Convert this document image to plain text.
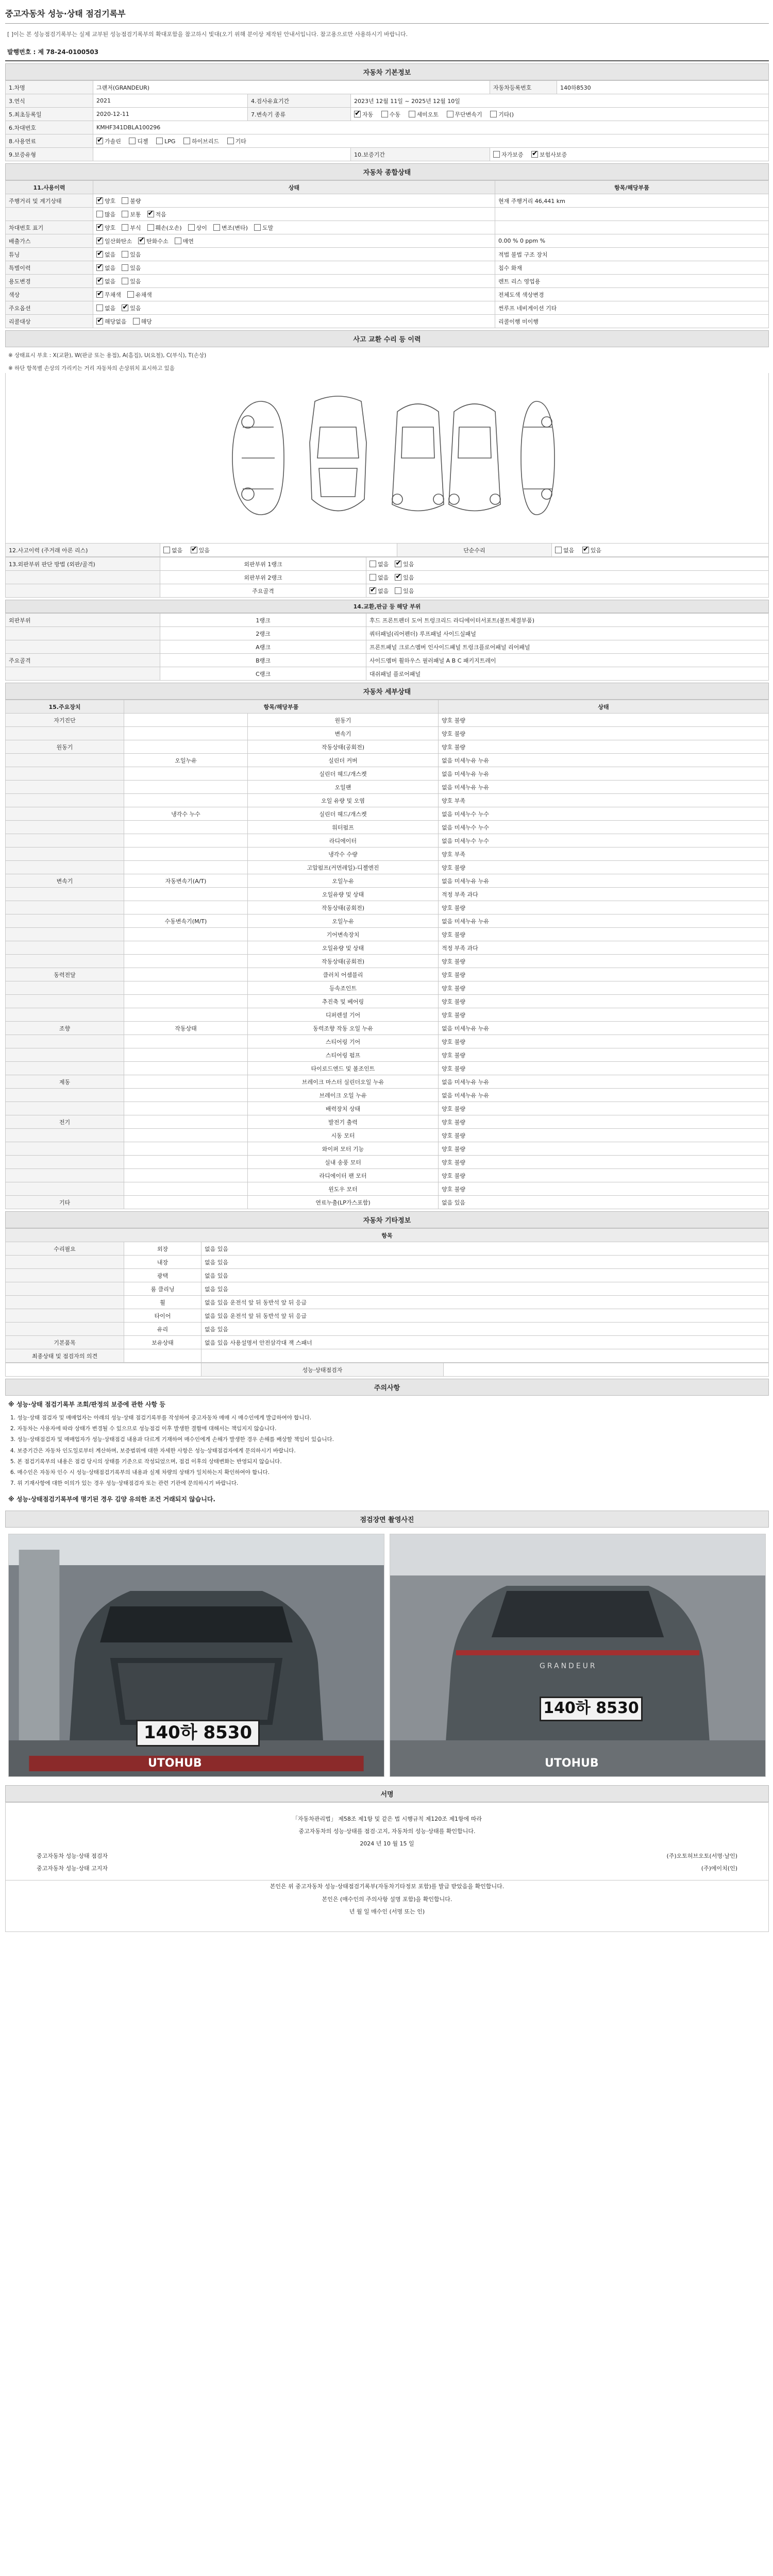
중고자동차 성능·상태 점검기록부
[ ]이는 본 성능점검기록부는 실제 교부된 성능점검기록부의 확대포함을 참고하시 빛대(오기 위해 분이상 제작된 안내서입니다. 참고용으로만 사용하시기 바랍니다.
발행번호 : 제 78-24-0100503
자동차 기본정보
1.차명	그랜저(GRANDEUR)			자동차등록번호	140하8530
3.연식	2021	4.검사유효기간	2023년 12월 11일 ~ 2025년 12월 10일		
5.최초등록일	2020-12-11	7.변속기 종류	✔자동 수동 세미오토 무단변속기 기타()
6.차대번호	KMHF341DBLA100296				
8.사용연료	✔가솔린 디젤 LPG 하이브리드 기타
9.보증유형			10.보증기간	자가보증 ✔ 보험사보증
자동차 종합상태
11.사용이력	상태	항목/해당부품
주행거리 및 계기상태	✔양호 불량	현재 주행거리 46,441 km
	많음 보통 ✔ 적음	
차대번호 표기	✔양호 부식 훼손(오손) 상이 변조(변타) 도말	
배출가스	✔일산화탄소 ✔ 탄화수소 매연	0.00 % 0 ppm %
튜닝	✔없음 있음	적법 불법 구조 장치
특별이력	✔없음 있음	침수 화재
용도변경	✔없음 있음	렌트 리스 영업용
색상	✔무채색 유채색	전체도색 색상변경
주요옵션	없음 ✔ 있음	썬루프 네비게이션 기타
리콜대상	✔해당없음 해당	리콜이행 미이행
사고 교환 수리 등 이력
※ 상태표시 부호 : X(교환), W(판금 또는 용접), A(흠집), U(요철), C(부식), T(손상)
※ 하단 항목별 손상의 가리키는 거리 자동차의 손상위치 표시하고 있음
12.사고이력 (주거래 아론 리스)	없음 ✔	있음	단순수리	없음 ✔	있음
13.외판부위 판단 방법 (외판/골격)	외판부위 1랭크	없음 ✔ 있음
	외판부위 2랭크	없음 ✔ 있음
	주요골격	✔없음 있음
14.교환,판금 등 해당 부위
외판부위	1랭크	후드 프론트펜더 도어 트렁크리드 라디에이터서포트(볼트체결부품)
	2랭크	쿼터패널(리어펜더) 루프패널 사이드실패널
	A랭크	프론트패널 크로스멤버 인사이드패널 트렁크플로어패널 리어패널
주요골격	B랭크	사이드멤버 휠하우스 필러패널 A B C 패키지트레이
	C랭크	대쉬패널 플로어패널
자동차 세부상태
15.주요장치	항목/해당부품		상태
자기진단		원동기	양호 불량
		변속기	양호 불량
원동기		작동상태(공회전)	양호 불량
	오일누유	실린더 커버	없음 미세누유 누유
		실린더 헤드/개스켓	없음 미세누유 누유
		오일팬	없음 미세누유 누유
		오일 유량 및 오염	양호 부족
	냉각수 누수	실린더 헤드/개스켓	없음 미세누수 누수
		워터펌프	없음 미세누수 누수
		라디에이터	없음 미세누수 누수
		냉각수 수량	양호 부족
		고압펌프(커먼레일)-디젤엔진	양호 불량
변속기	자동변속기(A/T)	오일누유	없음 미세누유 누유
		오일유량 및 상태	적정 부족 과다
		작동상태(공회전)	양호 불량
	수동변속기(M/T)	오일누유	없음 미세누유 누유
		기어변속장치	양호 불량
		오일유량 및 상태	적정 부족 과다
		작동상태(공회전)	양호 불량
동력전달		클러치 어셈블리	양호 불량
		등속조인트	양호 불량
		추진축 및 베어링	양호 불량
		디퍼렌셜 기어	양호 불량
조향	작동상태	동력조향 작동 오일 누유	없음 미세누유 누유
		스티어링 기어	양호 불량
		스티어링 펌프	양호 불량
		타이로드엔드 및 볼조인트	양호 불량
제동		브레이크 마스터 실린더오일 누유	없음 미세누유 누유
		브레이크 오일 누유	없음 미세누유 누유
		배력장치 상태	양호 불량
전기		발전기 출력	양호 불량
		시동 모터	양호 불량
		와이퍼 모터 기능	양호 불량
		실내 송풍 모터	양호 불량
		라디에이터 팬 모터	양호 불량
		윈도우 모터	양호 불량
기타		연료누출(LP가스포함)	없음 있음
자동차 기타정보
항목		
수리필요	외장	없음 있음
	내장	없음 있음
	광택	없음 있음
	룸 클리닝	없음 있음
	휠	없음 있음 운전석 앞 뒤 동반석 앞 뒤 응급
	타이어	없음 있음 운전석 앞 뒤 동반석 앞 뒤 응급
	유리	없음 있음
기본품목	보유상태	없음 있음 사용설명서 안전삼각대 잭 스패너
최종상태 및 점검자의 의견		
	성능·상태점검자	
주의사항
※ 성능·상태 점검기록부 조회/판정의 보증에 관한 사항 등

1. 성능·상태 점검자 및 매매업자는 아래의 성능·상태 점검기록부를 작성하여 중고자동차 매매 시 매수인에게 발급하여야 합니다.

2. 자동차는 사용자에 따라 상태가 변경될 수 있으므로 성능점검 이후 발생한 결함에 대해서는 책임지지 않습니다.

3. 성능·상태점검자 및 매매업자가 성능·상태점검 내용과 다르게 기재하여 매수인에게 손해가 발생한 경우 손해를 배상할 책임이 있습니다.

4. 보증기간은 자동차 인도일로부터 계산하며, 보증범위에 대한 자세한 사항은 성능·상태점검자에게 문의하시기 바랍니다.

5. 본 점검기록부의 내용은 점검 당시의 상태를 기준으로 작성되었으며, 점검 이후의 상태변화는 반영되지 않습니다.

6. 매수인은 자동차 인수 시 성능·상태점검기록부의 내용과 실제 차량의 상태가 일치하는지 확인하여야 합니다.

7. 위 기재사항에 대한 이의가 있는 경우 성능·상태점검자 또는 관련 기관에 문의하시기 바랍니다.

※ 성능·상태점검기록부에 명기된 경우 김양 유의한 조건 거래되지 않습니다.
점검장면 촬영사진
140하 8530
UTOHUB
GRANDEUR
140하 8530
UTOHUB
서명
「자동차관리법」 제58조 제1항 및 같은 법 시행규칙 제120조 제1항에 따라
중고자동차의 성능·상태를 점검·고지, 자동차의 성능·상태를 확인합니다.
2024 년 10 월 15 일
중고자동차 성능·상태 점검자	(주)오토허브오토(서명·날인)
중고자동차 성능·상태 고지자	(주)에이치(인)
본인은 위 중고자동차 성능·상태점검기록부(자동차기타정보 포함)를 발급 받았음을 확인합니다.
본인은 (매수인의 주의사항 설명 포함)을 확인합니다.
년 월 일 매수인 (서명 또는 인)
